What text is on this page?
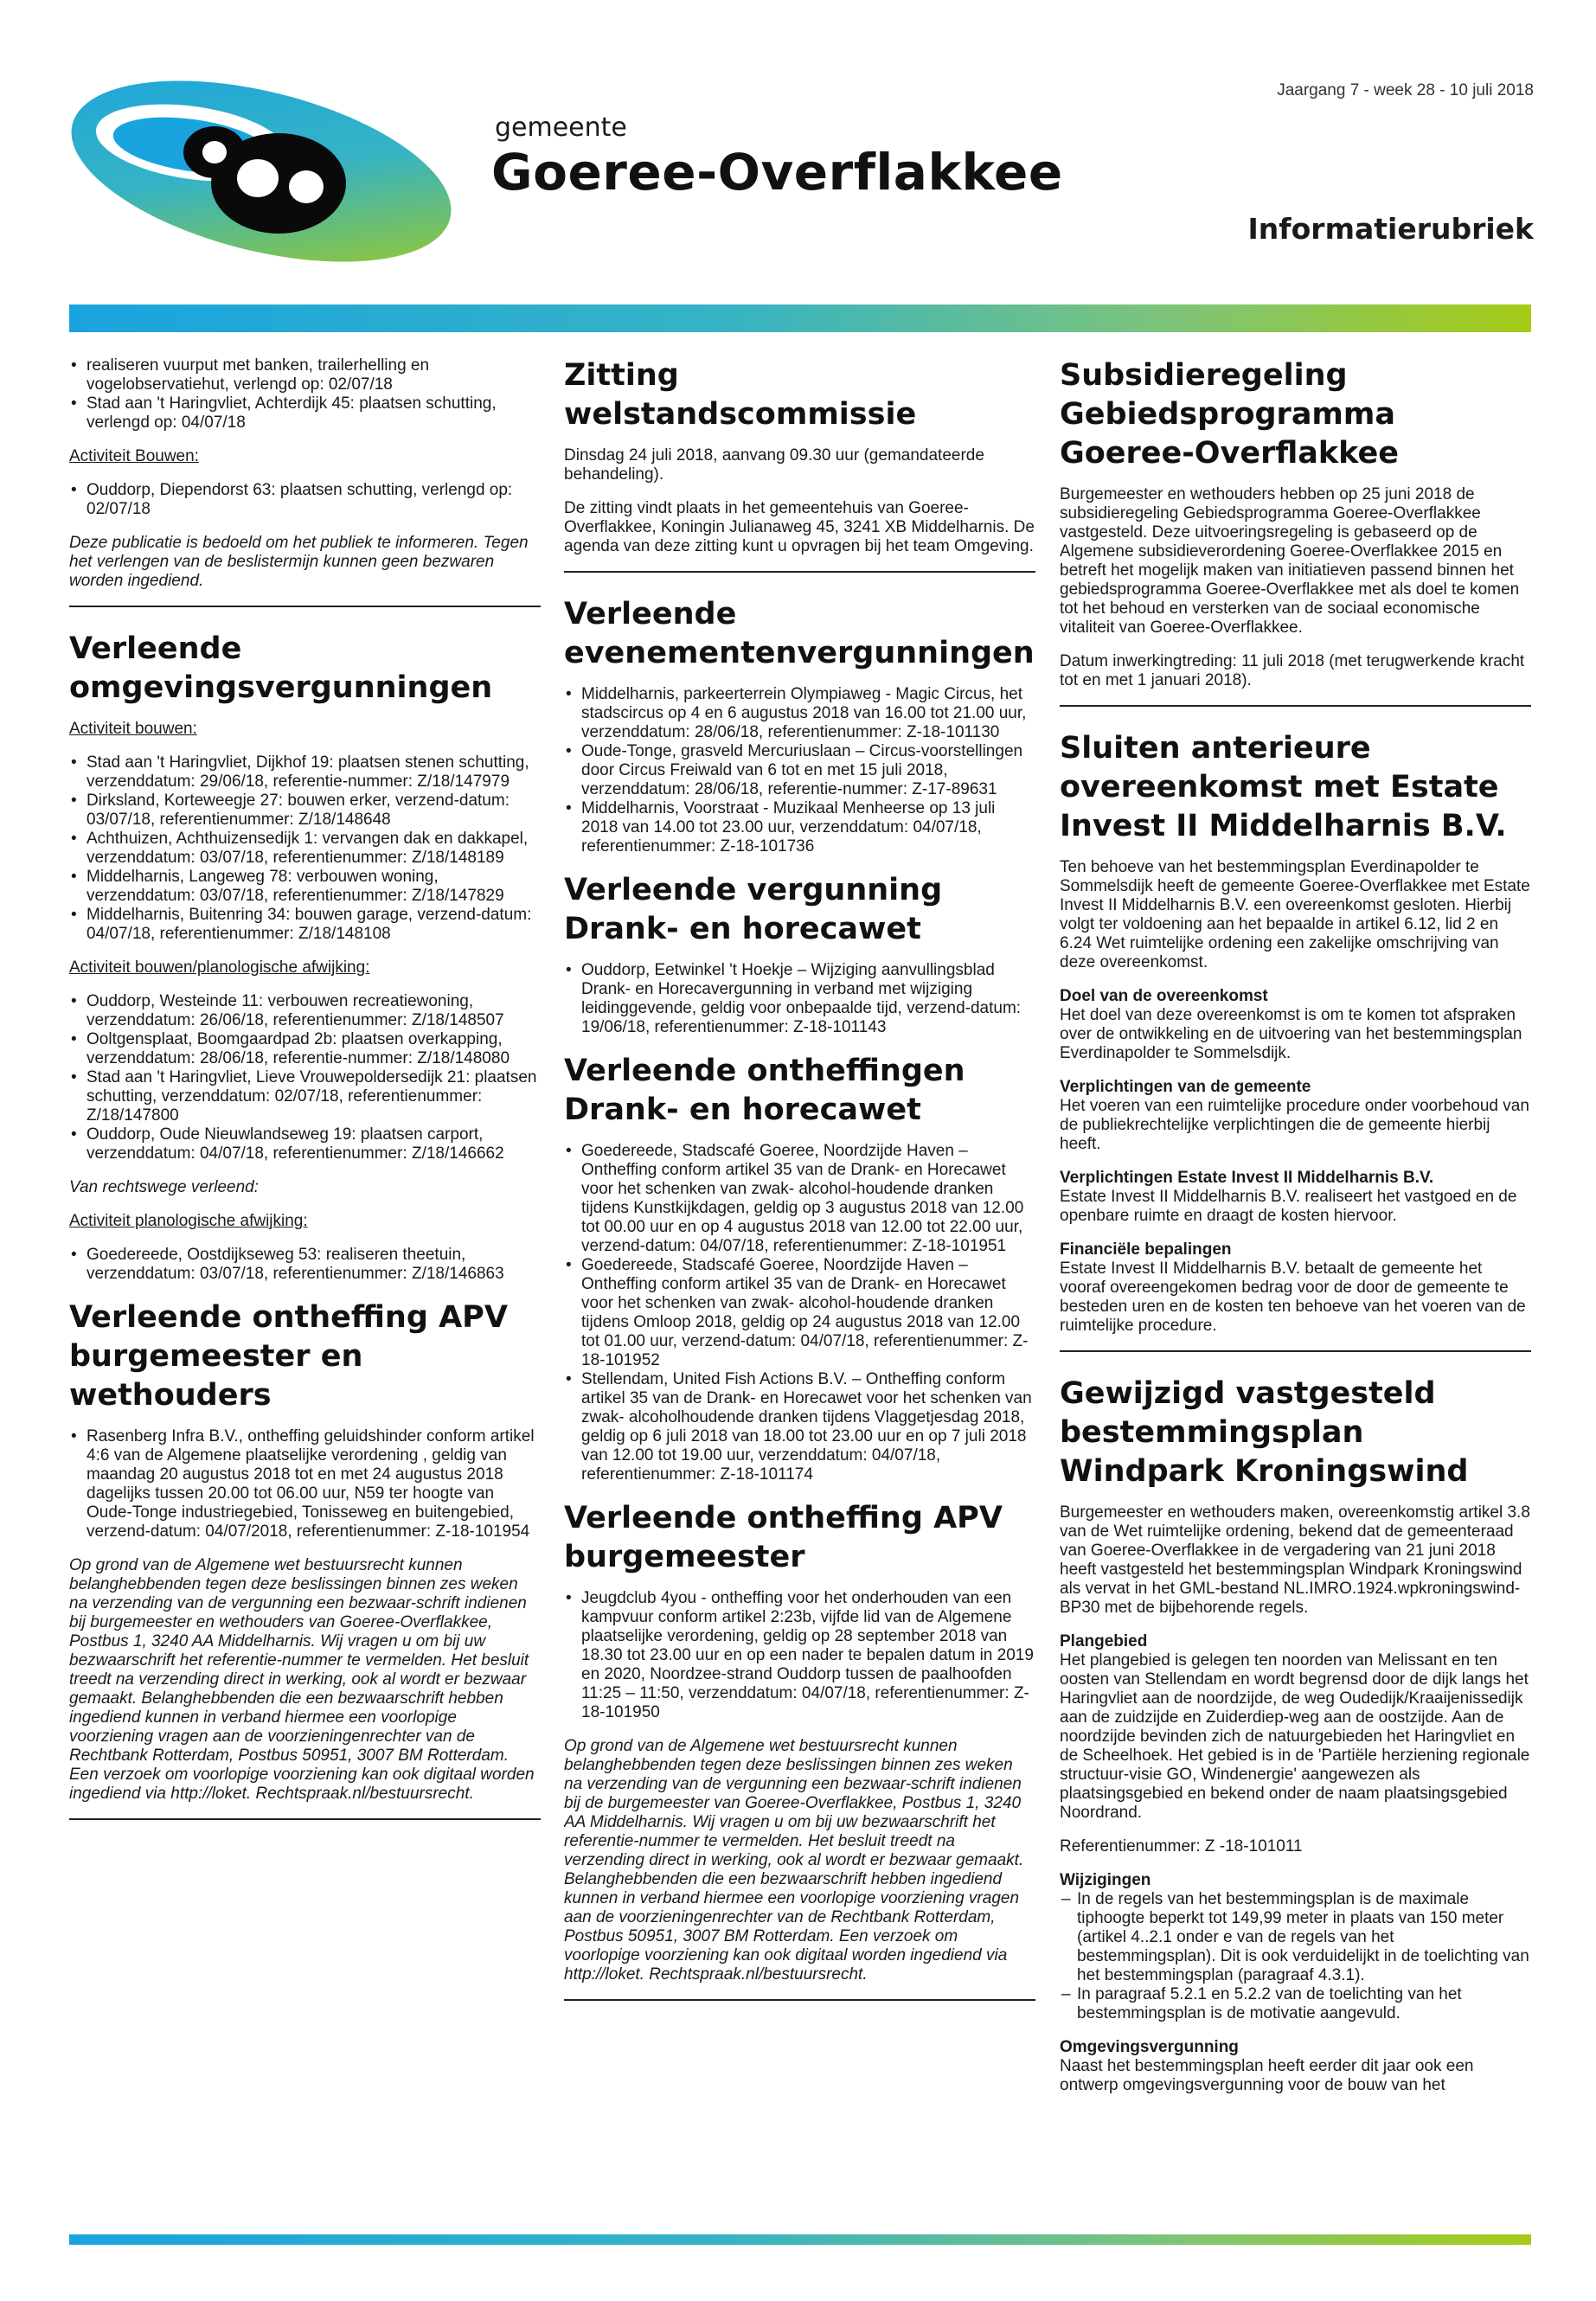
gemeente
Goeree-Overflakkee
Jaargang 7 - week 28 - 10 juli 2018
Informatierubriek
• realiseren vuurput met banken, trailerhelling en vogelobservatiehut, verlengd op: 02/07/18
• Stad aan 't Haringvliet, Achterdijk 45: plaatsen schutting, verlengd op: 04/07/18

Activiteit Bouwen:

• Ouddorp, Diependorst 63: plaatsen schutting, verlengd op: 02/07/18

Deze publicatie is bedoeld om het publiek te informeren. Tegen het verlengen van de beslistermijn kunnen geen bezwaren worden ingediend.

Verleende omgevingsvergunningen

Activiteit bouwen:

• Stad aan 't Haringvliet, Dijkhof 19: plaatsen stenen schutting, verzenddatum: 29/06/18, referentie-nummer: Z/18/147979
• Dirksland, Korteweegje 27: bouwen erker, verzend-datum: 03/07/18, referentienummer: Z/18/148648
• Achthuizen, Achthuizensedijk 1: vervangen dak en dakkapel, verzenddatum: 03/07/18, referentienummer: Z/18/148189
• Middelharnis, Langeweg 78: verbouwen woning, verzenddatum: 03/07/18, referentienummer: Z/18/147829
• Middelharnis, Buitenring 34: bouwen garage, verzend-datum: 04/07/18, referentienummer: Z/18/148108

Activiteit bouwen/planologische afwijking:

• Ouddorp, Westeinde 11: verbouwen recreatiewoning, verzenddatum: 26/06/18, referentienummer: Z/18/148507
• Ooltgensplaat, Boomgaardpad 2b: plaatsen overkapping, verzenddatum: 28/06/18, referentie-nummer: Z/18/148080
• Stad aan 't Haringvliet, Lieve Vrouwepoldersedijk 21: plaatsen schutting, verzenddatum: 02/07/18, referentienummer: Z/18/147800
• Ouddorp, Oude Nieuwlandseweg 19: plaatsen carport, verzenddatum: 04/07/18, referentienummer: Z/18/146662

Van rechtswege verleend:

Activiteit planologische afwijking:

• Goedereede, Oostdijkseweg 53: realiseren theetuin, verzenddatum: 03/07/18, referentienummer: Z/18/146863
Verleende ontheffing APV burgemeester en wethouders
• Rasenberg Infra B.V., ontheffing geluidshinder conform artikel 4:6 van de Algemene plaatselijke verordening , geldig van maandag 20 augustus 2018 tot en met 24 augustus 2018 dagelijks tussen 20.00 tot 06.00 uur, N59 ter hoogte van Oude-Tonge industriegebied, Tonisseweg en buitengebied, verzend-datum: 04/07/2018, referentienummer: Z-18-101954

Op grond van de Algemene wet bestuursrecht kunnen belanghebbenden tegen deze beslissingen binnen zes weken na verzending van de vergunning een bezwaar-schrift indienen bij burgemeester en wethouders van Goeree-Overflakkee, Postbus 1, 3240 AA Middelharnis. Wij vragen u om bij uw bezwaarschrift het referentie-nummer te vermelden. Het besluit treedt na verzending direct in werking, ook al wordt er bezwaar gemaakt. Belanghebbenden die een bezwaarschrift hebben ingediend kunnen in verband hiermee een voorlopige voorziening vragen aan de voorzieningenrechter van de Rechtbank Rotterdam, Postbus 50951, 3007 BM Rotterdam. Een verzoek om voorlopige voorziening kan ook digitaal worden ingediend via http://loket. Rechtspraak.nl/bestuursrecht.

Zitting welstandscommissie

Dinsdag 24 juli 2018, aanvang 09.30 uur (gemandateerde behandeling).

De zitting vindt plaats in het gemeentehuis van Goeree-Overflakkee, Koningin Julianaweg 45, 3241 XB Middelharnis. De agenda van deze zitting kunt u opvragen bij het team Omgeving.

Verleende evenementenvergunningen
• Middelharnis, parkeerterrein Olympiaweg - Magic Circus, het stadscircus op 4 en 6 augustus 2018 van 16.00 tot 21.00 uur, verzenddatum: 28/06/18, referentienummer: Z-18-101130
• Oude-Tonge, grasveld Mercuriuslaan – Circus-voorstellingen door Circus Freiwald van 6 tot en met 15 juli 2018, verzenddatum: 28/06/18, referentie-nummer: Z-17-89631
• Middelharnis, Voorstraat - Muzikaal Menheerse op 13 juli 2018 van 14.00 tot 23.00 uur, verzenddatum: 04/07/18, referentienummer: Z-18-101736
Verleende vergunning Drank- en horecawet
• Ouddorp, Eetwinkel 't Hoekje – Wijziging aanvullingsblad Drank- en Horecavergunning in verband met wijziging leidinggevende, geldig voor onbepaalde tijd, verzend-datum: 19/06/18, referentienummer: Z-18-101143
Verleende ontheffingen Drank- en horecawet
• Goedereede, Stadscafé Goeree, Noordzijde Haven – Ontheffing conform artikel 35 van de Drank- en Horecawet voor het schenken van zwak- alcohol-houdende dranken tijdens Kunstkijkdagen, geldig op 3 augustus 2018 van 12.00 tot 00.00 uur en op 4 augustus 2018 van 12.00 tot 22.00 uur, verzend-datum: 04/07/18, referentienummer: Z-18-101951
• Goedereede, Stadscafé Goeree, Noordzijde Haven – Ontheffing conform artikel 35 van de Drank- en Horecawet voor het schenken van zwak- alcohol-houdende dranken tijdens Omloop 2018, geldig op 24 augustus 2018 van 12.00 tot 01.00 uur, verzend-datum: 04/07/18, referentienummer: Z-18-101952
• Stellendam, United Fish Actions B.V. – Ontheffing conform artikel 35 van de Drank- en Horecawet voor het schenken van zwak- alcoholhoudende dranken tijdens Vlaggetjesdag 2018, geldig op 6 juli 2018 van 18.00 tot 23.00 uur en op 7 juli 2018 van 12.00 tot 19.00 uur, verzenddatum: 04/07/18, referentienummer: Z-18-101174
Verleende ontheffing APV burgemeester
• Jeugdclub 4you - ontheffing voor het onderhouden van een kampvuur conform artikel 2:23b, vijfde lid van de Algemene plaatselijke verordening, geldig op 28 september 2018 van 18.30 tot 23.00 uur en op een nader te bepalen datum in 2019 en 2020, Noordzee-strand Ouddorp tussen de paalhoofden 11:25 – 11:50, verzenddatum: 04/07/18, referentienummer: Z-18-101950

Op grond van de Algemene wet bestuursrecht kunnen belanghebbenden tegen deze beslissingen binnen zes weken na verzending van de vergunning een bezwaar-schrift indienen bij de burgemeester van Goeree-Overflakkee, Postbus 1, 3240 AA Middelharnis. Wij vragen u om bij uw bezwaarschrift het referentie-nummer te vermelden. Het besluit treedt na verzending direct in werking, ook al wordt er bezwaar gemaakt. Belanghebbenden die een bezwaarschrift hebben ingediend kunnen in verband hiermee een voorlopige voorziening vragen aan de voorzieningenrechter van de Rechtbank Rotterdam, Postbus 50951, 3007 BM Rotterdam. Een verzoek om voorlopige voorziening kan ook digitaal worden ingediend via http://loket. Rechtspraak.nl/bestuursrecht.

Subsidieregeling Gebiedsprogramma Goeree-Overflakkee

Burgemeester en wethouders hebben op 25 juni 2018 de subsidieregeling Gebiedsprogramma Goeree-Overflakkee vastgesteld. Deze uitvoeringsregeling is gebaseerd op de Algemene subsidieverordening Goeree-Overflakkee 2015 en betreft het mogelijk maken van initiatieven passend binnen het gebiedsprogramma Goeree-Overflakkee met als doel te komen tot het behoud en versterken van de sociaal economische vitaliteit van Goeree-Overflakkee.

Datum inwerkingtreding: 11 juli 2018 (met terugwerkende kracht tot en met 1 januari 2018).

Sluiten anterieure overeenkomst met Estate Invest II Middelharnis B.V.

Ten behoeve van het bestemmingsplan Everdinapolder te Sommelsdijk heeft de gemeente Goeree-Overflakkee met Estate Invest II Middelharnis B.V. een overeenkomst gesloten. Hierbij volgt ter voldoening aan het bepaalde in artikel 6.12, lid 2 en 6.24 Wet ruimtelijke ordening een zakelijke omschrijving van deze overeenkomst.

Doel van de overeenkomst

Het doel van deze overeenkomst is om te komen tot afspraken over de ontwikkeling en de uitvoering van het bestemmingsplan Everdinapolder te Sommelsdijk.

Verplichtingen van de gemeente

Het voeren van een ruimtelijke procedure onder voorbehoud van de publiekrechtelijke verplichtingen die de gemeente hierbij heeft.

Verplichtingen Estate Invest II Middelharnis B.V.

Estate Invest II Middelharnis B.V. realiseert het vastgoed en de openbare ruimte en draagt de kosten hiervoor.

Financiële bepalingen

Estate Invest II Middelharnis B.V. betaalt de gemeente het vooraf overeengekomen bedrag voor de door de gemeente te besteden uren en de kosten ten behoeve van het voeren van de ruimtelijke procedure.

Gewijzigd vastgesteld bestemmingsplan Windpark Kroningswind

Burgemeester en wethouders maken, overeenkomstig artikel 3.8 van de Wet ruimtelijke ordening, bekend dat de gemeenteraad van Goeree-Overflakkee in de vergadering van 21 juni 2018 heeft vastgesteld het bestemmingsplan Windpark Kroningswind als vervat in het GML-bestand NL.IMRO.1924.wpkroningswind-BP30 met de bijbehorende regels.

Plangebied

Het plangebied is gelegen ten noorden van Melissant en ten oosten van Stellendam en wordt begrensd door de dijk langs het Haringvliet aan de noordzijde, de weg Oudedijk/Kraaijenissedijk aan de zuidzijde en Zuiderdiep-weg aan de oostzijde. Aan de noordzijde bevinden zich de natuurgebieden het Haringvliet en de Scheelhoek. Het gebied is in de 'Partiële herziening regionale structuur-visie GO, Windenergie' aangewezen als plaatsingsgebied en bekend onder de naam plaatsingsgebied Noordrand.

Referentienummer: Z -18-101011

Wijzigingen
– In de regels van het bestemmingsplan is de maximale tiphoogte beperkt tot 149,99 meter in plaats van 150 meter (artikel 4..2.1 onder e van de regels van het bestemmingsplan). Dit is ook verduidelijkt in de toelichting van het bestemmingsplan (paragraaf 4.3.1).
– In paragraaf 5.2.1 en 5.2.2 van de toelichting van het bestemmingsplan is de motivatie aangevuld.
Omgevingsvergunning

Naast het bestemmingsplan heeft eerder dit jaar ook een ontwerp omgevingsvergunning voor de bouw van het
